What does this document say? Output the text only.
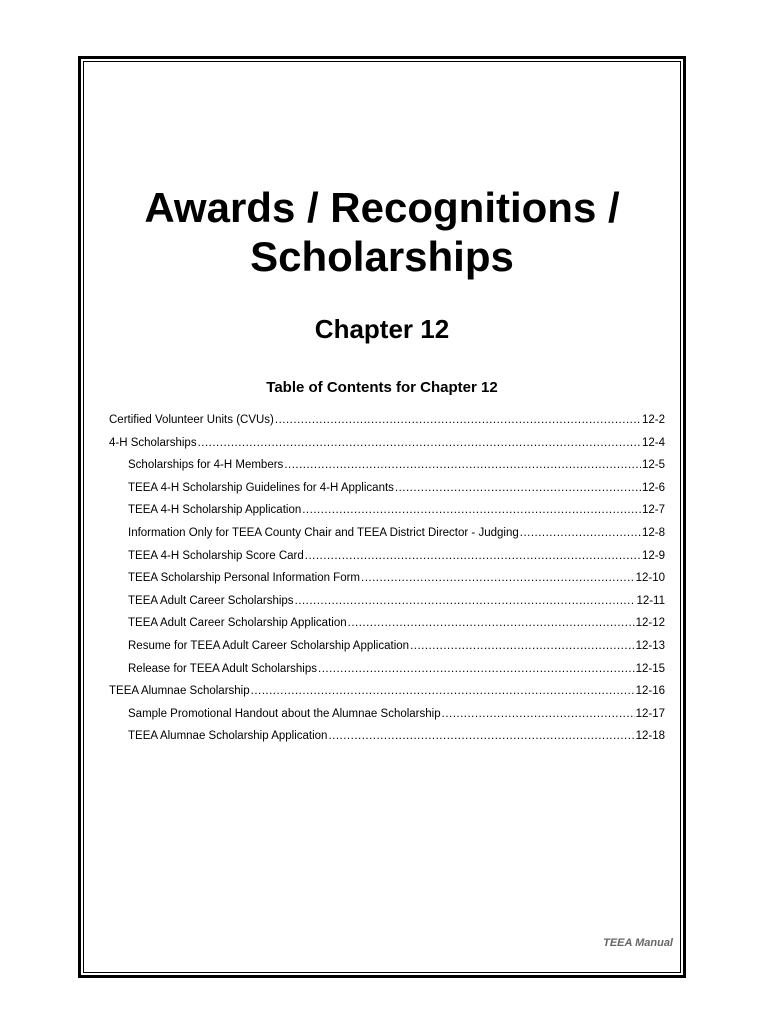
Awards / Recognitions /
Scholarships
Chapter 12
Table of Contents for Chapter 12
Certified Volunteer Units (CVUs) .....	12-2
4-H Scholarships .....	12-4
Scholarships for 4-H Members .....	12-5
TEEA 4-H Scholarship Guidelines for 4-H Applicants .....	12-6
TEEA 4-H Scholarship Application .....	12-7
Information Only for TEEA County Chair and TEEA District Director - Judging .....	12-8
TEEA 4-H Scholarship Score Card .....	12-9
TEEA Scholarship Personal Information Form .....	12-10
TEEA Adult Career Scholarships .....	12-11
TEEA Adult Career Scholarship Application .....	12-12
Resume for TEEA Adult Career Scholarship Application .....	12-13
Release for TEEA Adult Scholarships .....	12-15
TEEA Alumnae Scholarship .....	12-16
Sample Promotional Handout about the Alumnae Scholarship .....	12-17
TEEA Alumnae Scholarship Application .....	12-18
TEEA Manual
